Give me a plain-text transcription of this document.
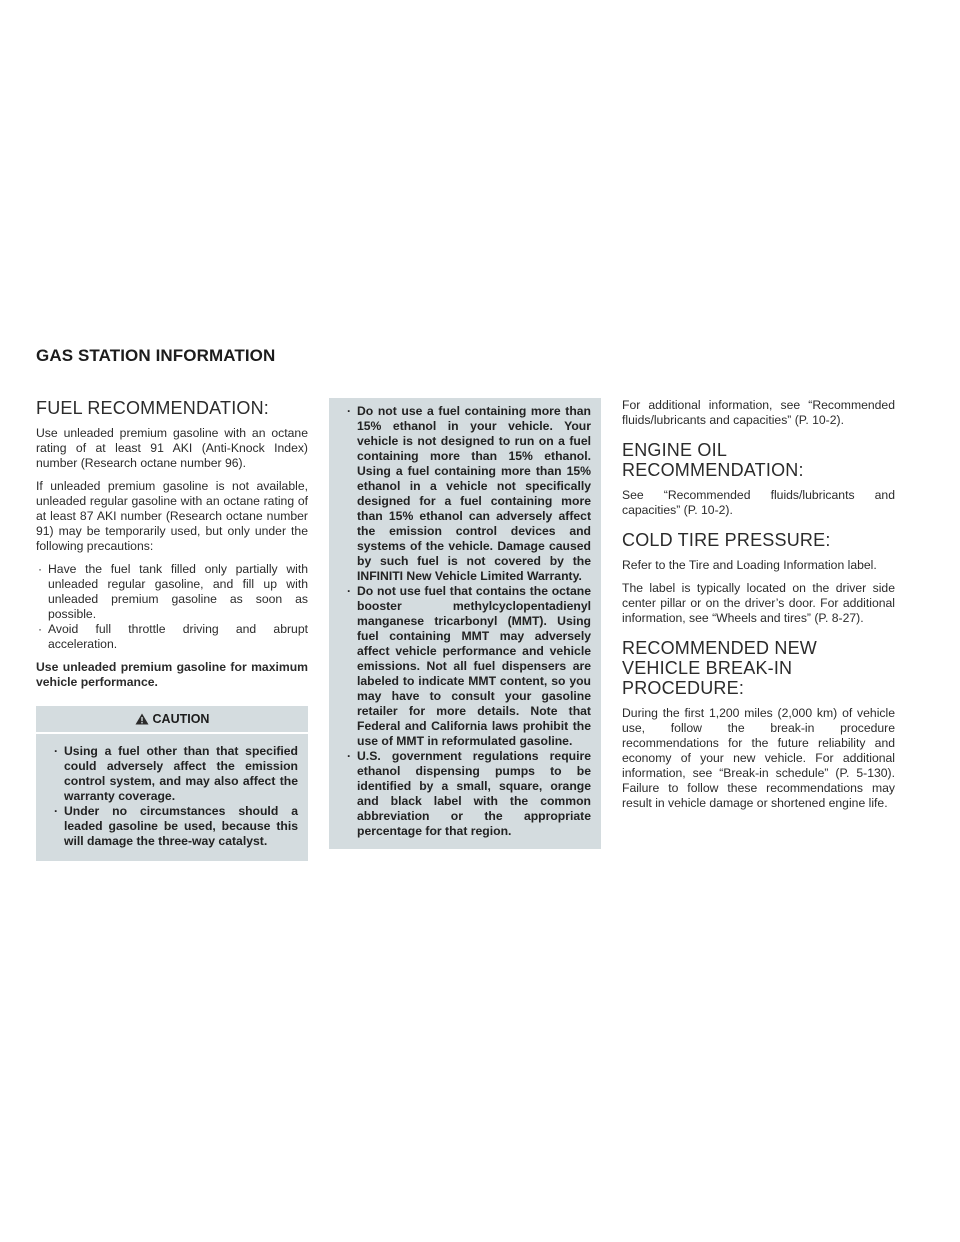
GAS STATION INFORMATION
FUEL RECOMMENDATION:

Use unleaded premium gasoline with an octane rating of at least 91 AKI (Anti-Knock Index) number (Research octane number 96).

If unleaded premium gasoline is not available, unleaded regular gasoline with an octane rating of at least 87 AKI number (Research octane number 91) may be temporarily used, but only under the following precautions:

· Have the fuel tank filled only partially with unleaded regular gasoline, and fill up with unleaded premium gasoline as soon as possible.
· Avoid full throttle driving and abrupt acceleration.

Use unleaded premium gasoline for maximum vehicle performance.

CAUTION
· Using a fuel other than that specified could adversely affect the emission control system, and may also affect the warranty coverage.
· Under no circumstances should a leaded gasoline be used, because this will damage the three-way catalyst.
· Do not use a fuel containing more than 15% ethanol in your vehicle. Your vehicle is not designed to run on a fuel containing more than 15% ethanol. Using a fuel containing more than 15% ethanol in a vehicle not specifically designed for a fuel containing more than 15% ethanol can adversely affect the emission control devices and systems of the vehicle. Damage caused by such fuel is not covered by the INFINITI New Vehicle Limited Warranty.
· Do not use fuel that contains the octane booster methylcyclopentadienyl manganese tricarbonyl (MMT). Using fuel containing MMT may adversely affect vehicle performance and vehicle emissions. Not all fuel dispensers are labeled to indicate MMT content, so you may have to consult your gasoline retailer for more details. Note that Federal and California laws prohibit the use of MMT in reformulated gasoline.
· U.S. government regulations require ethanol dispensing pumps to be identified by a small, square, orange and black label with the common abbreviation or the appropriate percentage for that region.

For additional information, see “Recommended fluids/lubricants and capacities” (P. 10-2).

ENGINE OIL RECOMMENDATION:

See “Recommended fluids/lubricants and capacities” (P. 10-2).

COLD TIRE PRESSURE:

Refer to the Tire and Loading Information label.

The label is typically located on the driver side center pillar or on the driver’s door. For additional information, see “Wheels and tires” (P. 8-27).

RECOMMENDED NEW VEHICLE BREAK-IN PROCEDURE:

During the first 1,200 miles (2,000 km) of vehicle use, follow the break-in procedure recommendations for the future reliability and economy of your new vehicle. For additional information, see “Break-in schedule” (P. 5-130). Failure to follow these recommendations may result in vehicle damage or shortened engine life.
